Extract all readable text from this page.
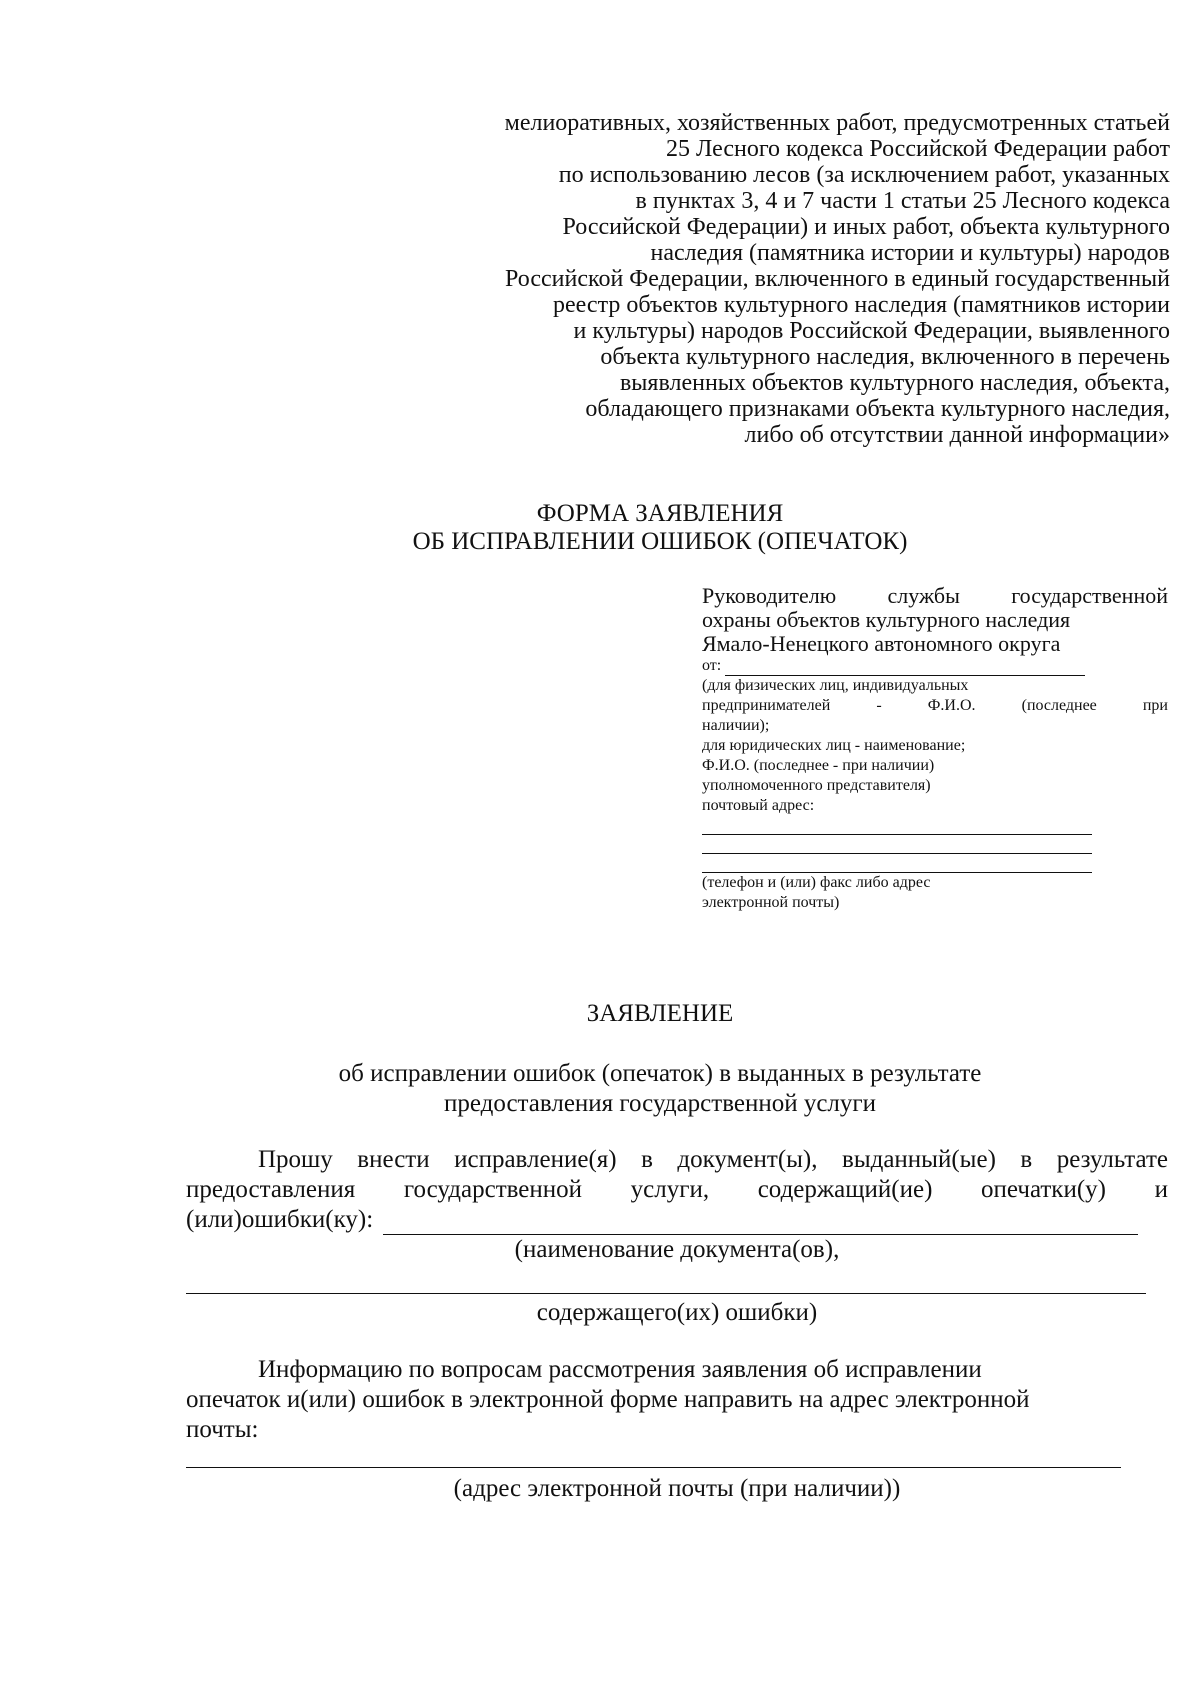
мелиоративных, хозяйственных работ, предусмотренных статьей
25 Лесного кодекса Российской Федерации работ
по использованию лесов (за исключением работ, указанных
в пунктах 3, 4 и 7 части 1 статьи 25 Лесного кодекса
Российской Федерации) и иных работ, объекта культурного
наследия (памятника истории и культуры) народов
Российской Федерации, включенного в единый государственный
реестр объектов культурного наследия (памятников истории
и культуры) народов Российской Федерации, выявленного
объекта культурного наследия, включенного в перечень
выявленных объектов культурного наследия, объекта,
обладающего признаками объекта культурного наследия,
либо об отсутствии данной информации»
ФОРМА ЗАЯВЛЕНИЯ
ОБ ИСПРАВЛЕНИИ ОШИБОК (ОПЕЧАТОК)
Руководителю службы государственной
охраны объектов культурного наследия
Ямало-Ненецкого автономного округа
от:
(для физических лиц, индивидуальных
предпринимателей - Ф.И.О. (последнее при
наличии);
для юридических лиц - наименование;
Ф.И.О. (последнее - при наличии)
уполномоченного представителя)
почтовый адрес:
(телефон и (или) факс либо адрес
электронной почты)
ЗАЯВЛЕНИЕ
об исправлении ошибок (опечаток) в выданных в результате
предоставления государственной услуги
Прошу внести исправление(я) в документ(ы), выданный(ые) в результате
предоставления государственной услуги, содержащий(ие) опечатки(у) и
(или)ошибки(ку):
(наименование документа(ов),
содержащего(их) ошибки)
Информацию по вопросам рассмотрения заявления об исправлении
опечаток и(или) ошибок в электронной форме направить на адрес электронной
почты:
(адрес электронной почты (при наличии))
